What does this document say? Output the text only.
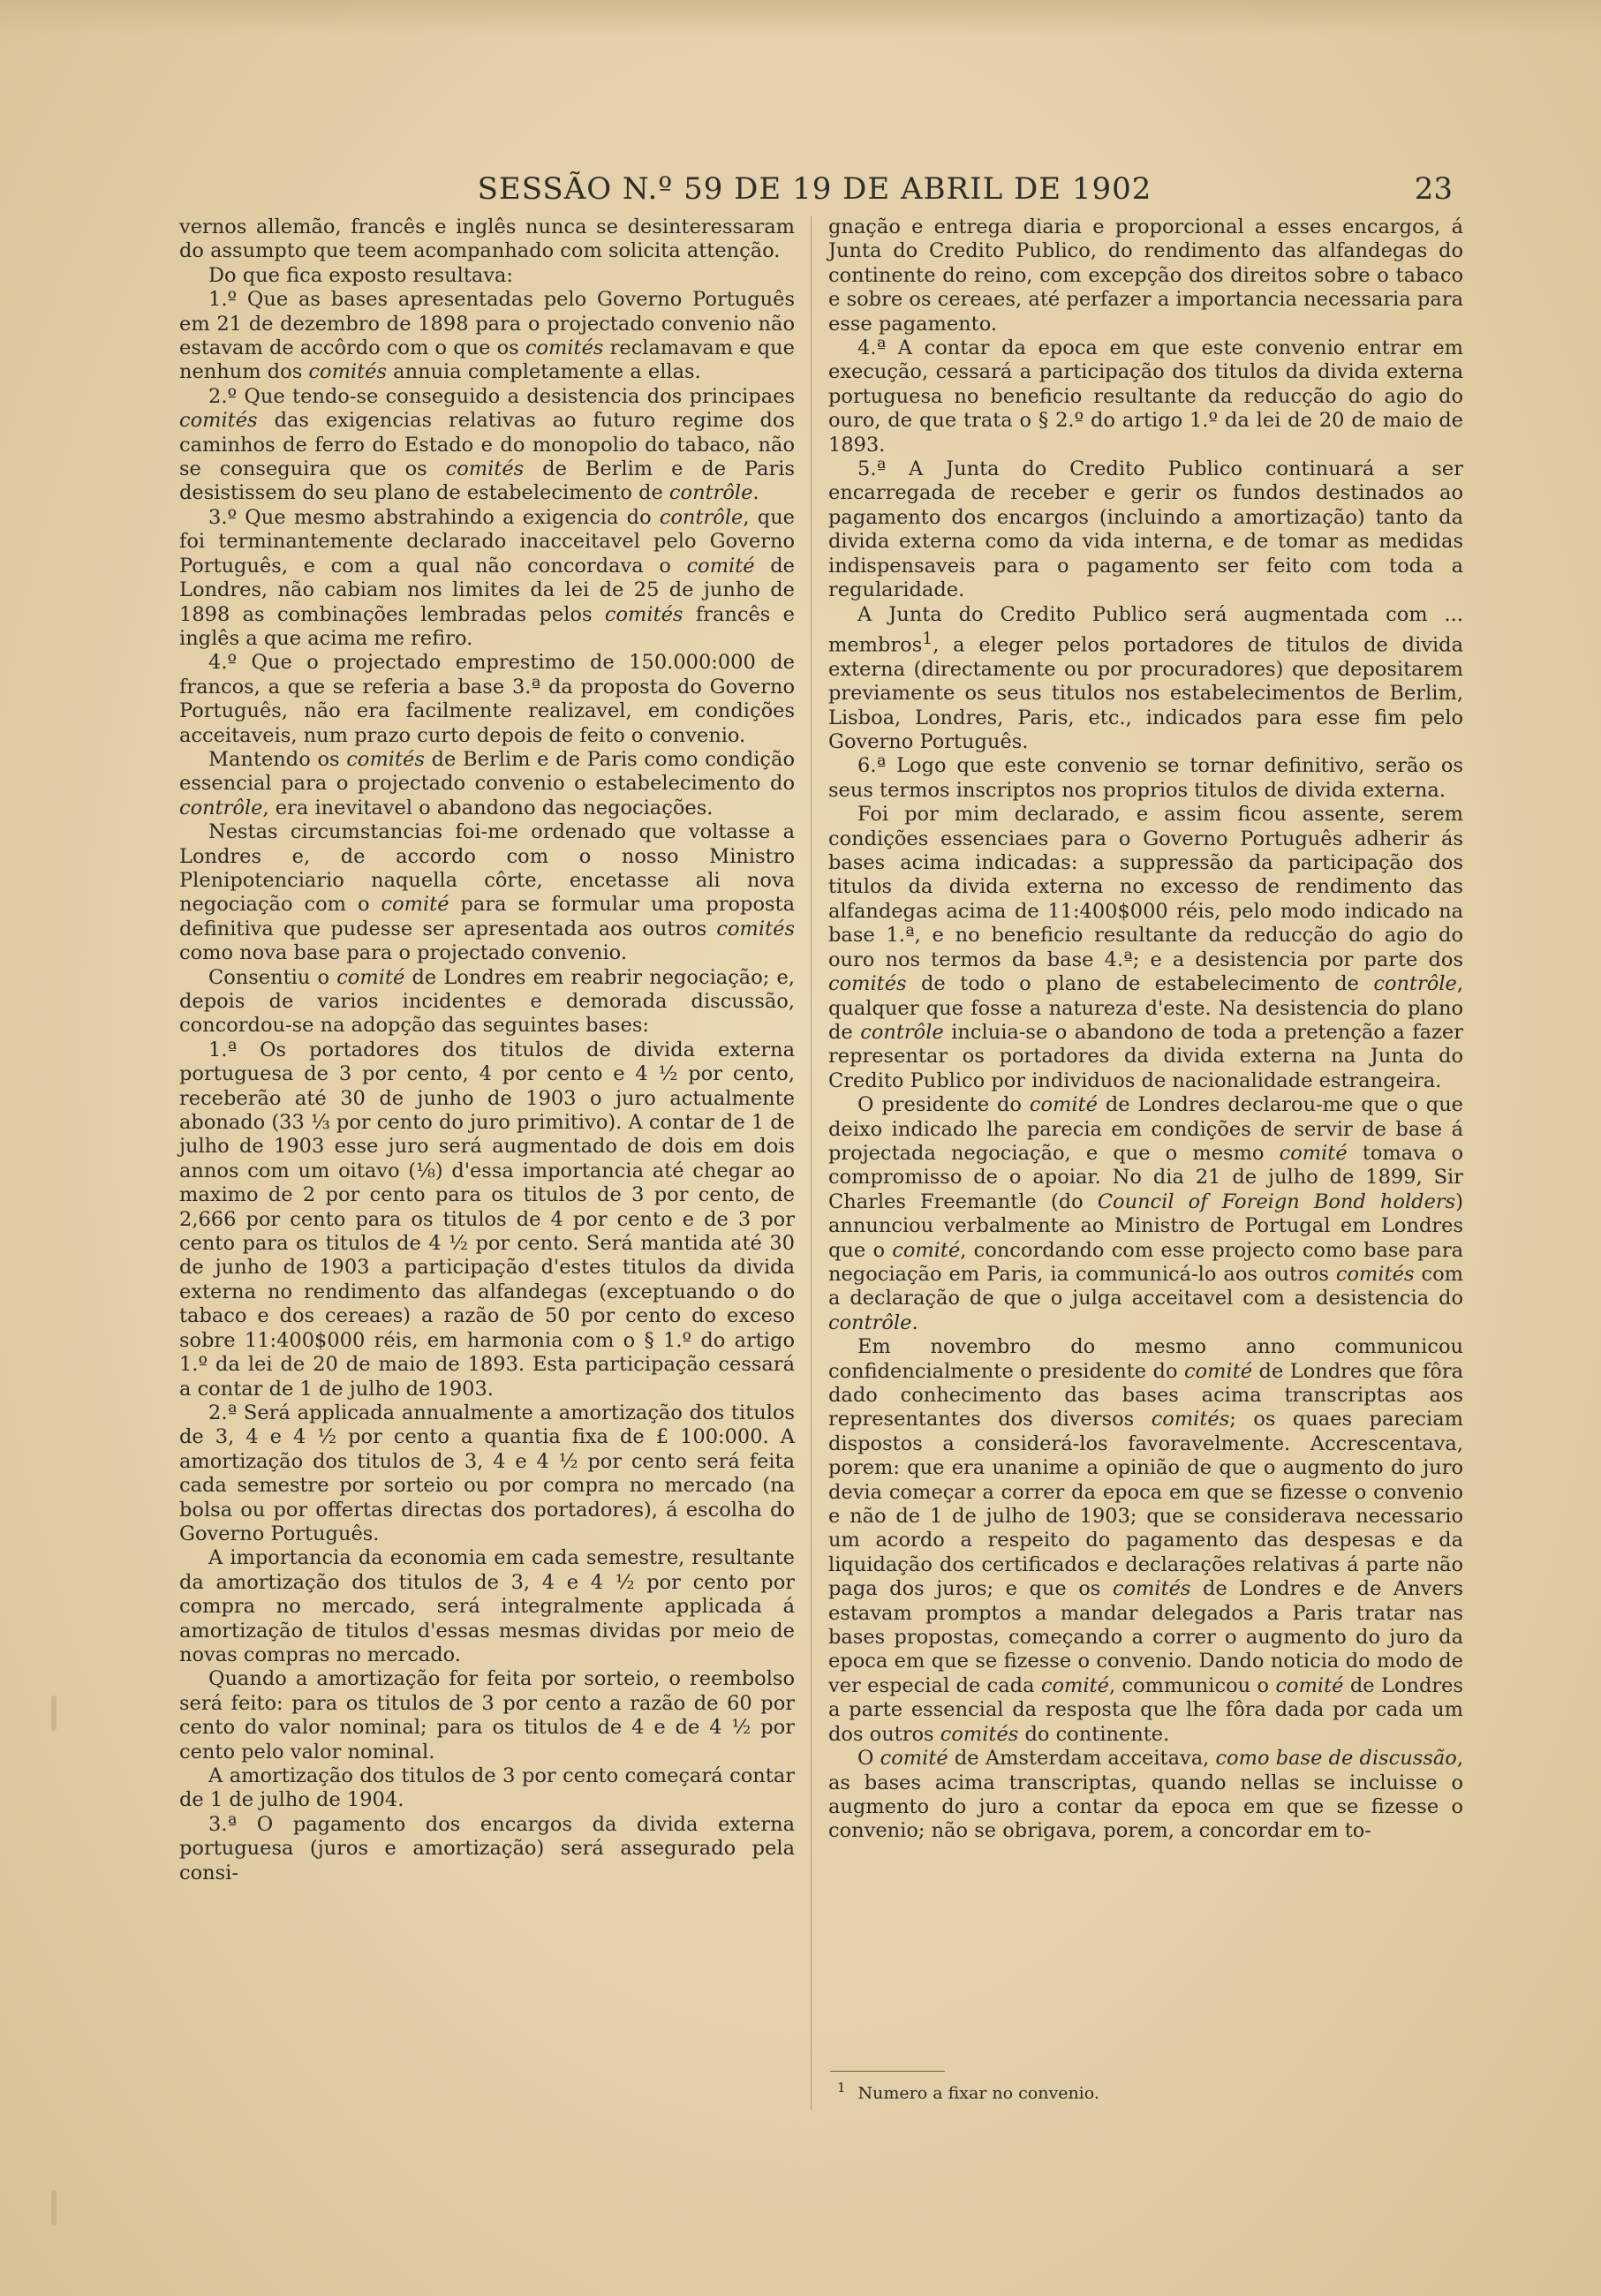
SESSÃO N.º 59 DE 19 DE ABRIL DE 1902	23

vernos allemão, francês e inglês nunca se desinteressaram do assumpto que teem acompanhado com solicita attenção.

Do que fica exposto resultava:

1.º Que as bases apresentadas pelo Governo Português em 21 de dezembro de 1898 para o projectado convenio não estavam de accôrdo com o que os comités reclamavam e que nenhum dos comités annuia completamente a ellas.

2.º Que tendo-se conseguido a desistencia dos principaes comités das exigencias relativas ao futuro regime dos caminhos de ferro do Estado e do monopolio do tabaco, não se conseguira que os comités de Berlim e de Paris desistissem do seu plano de estabelecimento de contrôle.

3.º Que mesmo abstrahindo a exigencia do contrôle, que foi terminantemente declarado inacceitavel pelo Governo Português, e com a qual não concordava o comité de Londres, não cabiam nos limites da lei de 25 de junho de 1898 as combinações lembradas pelos comités francês e inglês a que acima me refiro.

4.º Que o projectado emprestimo de 150.000:000 de francos, a que se referia a base 3.ª da proposta do Governo Português, não era facilmente realizavel, em condições acceitaveis, num prazo curto depois de feito o convenio.

Mantendo os comités de Berlim e de Paris como condição essencial para o projectado convenio o estabelecimento do contrôle, era inevitavel o abandono das negociações.

Nestas circumstancias foi-me ordenado que voltasse a Londres e, de accordo com o nosso Ministro Plenipotenciario naquella côrte, encetasse ali nova negociação com o comité para se formular uma proposta definitiva que pudesse ser apresentada aos outros comités como nova base para o projectado convenio.

Consentiu o comité de Londres em reabrir negociação; e, depois de varios incidentes e demorada discussão, concordou-se na adopção das seguintes bases:

1.ª Os portadores dos titulos de divida externa portuguesa de 3 por cento, 4 por cento e 4 ½ por cento, receberão até 30 de junho de 1903 o juro actualmente abonado (33 ⅓ por cento do juro primitivo). A contar de 1 de julho de 1903 esse juro será augmentado de dois em dois annos com um oitavo (⅛) d'essa importancia até chegar ao maximo de 2 por cento para os titulos de 3 por cento, de 2,666 por cento para os titulos de 4 por cento e de 3 por cento para os titulos de 4 ½ por cento. Será mantida até 30 de junho de 1903 a participação d'estes titulos da divida externa no rendimento das alfandegas (exceptuando o do tabaco e dos cereaes) a razão de 50 por cento do exceso sobre 11:400$000 réis, em harmonia com o § 1.º do artigo 1.º da lei de 20 de maio de 1893. Esta participação cessará a contar de 1 de julho de 1903.

2.ª Será applicada annualmente a amortização dos titulos de 3, 4 e 4 ½ por cento a quantia fixa de £ 100:000. A amortização dos titulos de 3, 4 e 4 ½ por cento será feita cada semestre por sorteio ou por compra no mercado (na bolsa ou por offertas directas dos portadores), á escolha do Governo Português.

A importancia da economia em cada semestre, resultante da amortização dos titulos de 3, 4 e 4 ½ por cento por compra no mercado, será integralmente applicada á amortização de titulos d'essas mesmas dividas por meio de novas compras no mercado.

Quando a amortização for feita por sorteio, o reembolso será feito: para os titulos de 3 por cento a razão de 60 por cento do valor nominal; para os titulos de 4 e de 4 ½ por cento pelo valor nominal.

A amortização dos titulos de 3 por cento começará contar de 1 de julho de 1904.

3.ª O pagamento dos encargos da divida externa portuguesa (juros e amortização) será assegurado pela consi-

gnação e entrega diaria e proporcional a esses encargos, á Junta do Credito Publico, do rendimento das alfandegas do continente do reino, com excepção dos direitos sobre o tabaco e sobre os cereaes, até perfazer a importancia necessaria para esse pagamento.

4.ª A contar da epoca em que este convenio entrar em execução, cessará a participação dos titulos da divida externa portuguesa no beneficio resultante da reducção do agio do ouro, de que trata o § 2.º do artigo 1.º da lei de 20 de maio de 1893.

5.ª A Junta do Credito Publico continuará a ser encarregada de receber e gerir os fundos destinados ao pagamento dos encargos (incluindo a amortização) tanto da divida externa como da vida interna, e de tomar as medidas indispensaveis para o pagamento ser feito com toda a regularidade.

A Junta do Credito Publico será augmentada com ... membros$^1$, a eleger pelos portadores de titulos de divida externa (directamente ou por procuradores) que depositarem previamente os seus titulos nos estabelecimentos de Berlim, Lisboa, Londres, Paris, etc., indicados para esse fim pelo Governo Português.

6.ª Logo que este convenio se tornar definitivo, serão os seus termos inscriptos nos proprios titulos de divida externa.

Foi por mim declarado, e assim ficou assente, serem condições essenciaes para o Governo Português adherir ás bases acima indicadas: a suppressão da participação dos titulos da divida externa no excesso de rendimento das alfandegas acima de 11:400$000 réis, pelo modo indicado na base 1.ª, e no beneficio resultante da reducção do agio do ouro nos termos da base 4.ª; e a desistencia por parte dos comités de todo o plano de estabelecimento de contrôle, qualquer que fosse a natureza d'este. Na desistencia do plano de contrôle incluia-se o abandono de toda a pretenção a fazer representar os portadores da divida externa na Junta do Credito Publico por individuos de nacionalidade estrangeira.

O presidente do comité de Londres declarou-me que o que deixo indicado lhe parecia em condições de servir de base á projectada negociação, e que o mesmo comité tomava o compromisso de o apoiar. No dia 21 de julho de 1899, Sir Charles Freemantle (do Council of Foreign Bond holders) annunciou verbalmente ao Ministro de Portugal em Londres que o comité, concordando com esse projecto como base para negociação em Paris, ia communicá-lo aos outros comités com a declaração de que o julga acceitavel com a desistencia do contrôle.

Em novembro do mesmo anno communicou confidencialmente o presidente do comité de Londres que fôra dado conhecimento das bases acima transcriptas aos representantes dos diversos comités; os quaes pareciam dispostos a considerá-los favoravelmente. Accrescentava, porem: que era unanime a opinião de que o augmento do juro devia começar a correr da epoca em que se fizesse o convenio e não de 1 de julho de 1903; que se considerava necessario um acordo a respeito do pagamento das despesas e da liquidação dos certificados e declarações relativas á parte não paga dos juros; e que os comités de Londres e de Anvers estavam promptos a mandar delegados a Paris tratar nas bases propostas, começando a correr o augmento do juro da epoca em que se fizesse o convenio. Dando noticia do modo de ver especial de cada comité, communicou o comité de Londres a parte essencial da resposta que lhe fôra dada por cada um dos outros comités do continente.

O comité de Amsterdam acceitava, como base de discussão, as bases acima transcriptas, quando nellas se incluisse o augmento do juro a contar da epoca em que se fizesse o convenio; não se obrigava, porem, a concordar em to-

$^1$ Numero a fixar no convenio.
